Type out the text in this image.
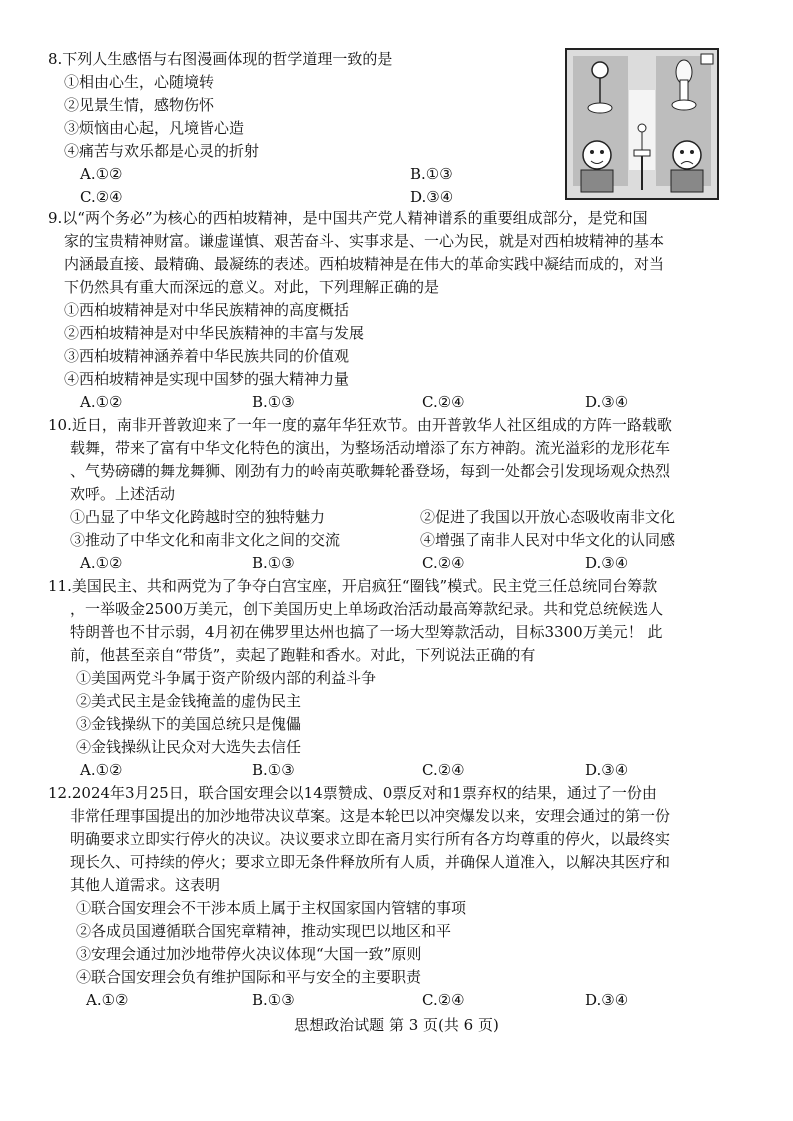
8.下列人生感悟与右图漫画体现的哲学道理一致的是
①相由心生，心随境转
②见景生情，感物伤怀
③烦恼由心起，凡境皆心造
④痛苦与欢乐都是心灵的折射
A.①②	B.①③
C.②④	D.③④
9.以“两个务必”为核心的西柏坡精神，是中国共产党人精神谱系的重要组成部分，是党和国
家的宝贵精神财富。谦虚谨慎、艰苦奋斗、实事求是、一心为民，就是对西柏坡精神的基本
内涵最直接、最精确、最凝练的表述。西柏坡精神是在伟大的革命实践中凝结而成的，对当
下仍然具有重大而深远的意义。对此，下列理解正确的是
①西柏坡精神是对中华民族精神的高度概括
②西柏坡精神是对中华民族精神的丰富与发展
③西柏坡精神涵养着中华民族共同的价值观
④西柏坡精神是实现中国梦的强大精神力量
A.①②	B.①③	C.②④	D.③④
10.近日，南非开普敦迎来了一年一度的嘉年华狂欢节。由开普敦华人社区组成的方阵一路载歌
载舞，带来了富有中华文化特色的演出，为整场活动增添了东方神韵。流光溢彩的龙形花车
、气势磅礴的舞龙舞狮、刚劲有力的岭南英歌舞轮番登场，每到一处都会引发现场观众热烈
欢呼。上述活动
①凸显了中华文化跨越时空的独特魅力	②促进了我国以开放心态吸收南非文化
③推动了中华文化和南非文化之间的交流	④增强了南非人民对中华文化的认同感
A.①②	B.①③	C.②④	D.③④
11.美国民主、共和两党为了争夺白宫宝座，开启疯狂“圈钱”模式。民主党三任总统同台筹款
，一举吸金2500万美元，创下美国历史上单场政治活动最高筹款纪录。共和党总统候选人
特朗普也不甘示弱，4月初在佛罗里达州也搞了一场大型筹款活动，目标3300万美元！ 此
前，他甚至亲自“带货”，卖起了跑鞋和香水。对此，下列说法正确的有
①美国两党斗争属于资产阶级内部的利益斗争
②美式民主是金钱掩盖的虚伪民主
③金钱操纵下的美国总统只是傀儡
④金钱操纵让民众对大选失去信任
A.①②	B.①③	C.②④	D.③④
12.2024年3月25日，联合国安理会以14票赞成、0票反对和1票弃权的结果，通过了一份由
非常任理事国提出的加沙地带决议草案。这是本轮巴以冲突爆发以来，安理会通过的第一份
明确要求立即实行停火的决议。决议要求立即在斋月实行所有各方均尊重的停火，以最终实
现长久、可持续的停火；要求立即无条件释放所有人质，并确保人道准入，以解决其医疗和
其他人道需求。这表明
①联合国安理会不干涉本质上属于主权国家国内管辖的事项
②各成员国遵循联合国宪章精神，推动实现巴以地区和平
③安理会通过加沙地带停火决议体现“大国一致”原则
④联合国安理会负有维护国际和平与安全的主要职责
A.①②	B.①③	C.②④	D.③④
思想政治试题 第 3 页(共 6 页)
